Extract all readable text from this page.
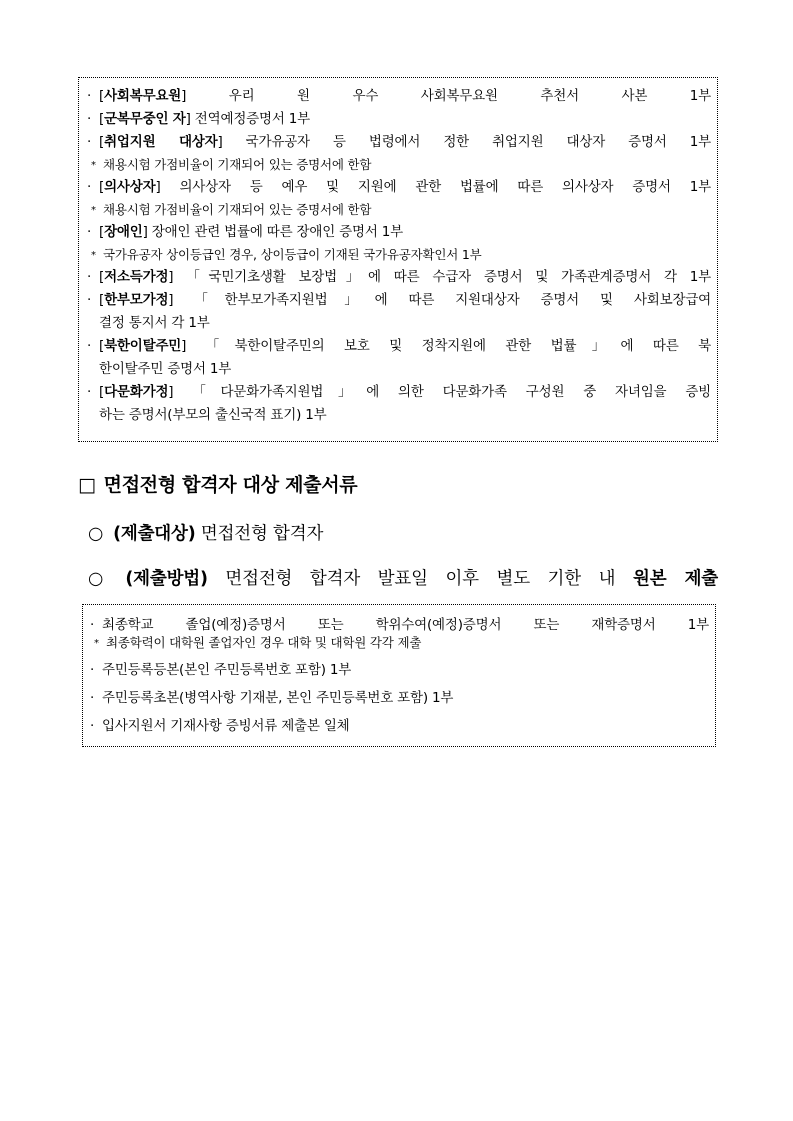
· [사회복무요원] 우리 원 우수 사회복무요원 추천서 사본 1부
· [군복무중인 자] 전역예정증명서 1부
· [취업지원 대상자] 국가유공자 등 법령에서 정한 취업지원 대상자 증명서 1부
* 채용시험 가점비율이 기재되어 있는 증명서에 한함
· [의사상자] 의사상자 등 예우 및 지원에 관한 법률에 따른 의사상자 증명서 1부
* 채용시험 가점비율이 기재되어 있는 증명서에 한함
· [장애인] 장애인 관련 법률에 따른 장애인 증명서 1부
* 국가유공자 상이등급인 경우, 상이등급이 기재된 국가유공자확인서 1부
· [저소득가정] 「국민기초생활 보장법」에 따른 수급자 증명서 및 가족관계증명서 각 1부
· [한부모가정] 「한부모가족지원법」에 따른 지원대상자 증명서 및 사회보장급여
결정 통지서 각 1부
· [북한이탈주민] 「북한이탈주민의 보호 및 정착지원에 관한 법률」에 따른 북
한이탈주민 증명서 1부
· [다문화가정] 「다문화가족지원법」에 의한 다문화가족 구성원 중 자녀임을 증빙
하는 증명서(부모의 출신국적 표기) 1부
□ 면접전형 합격자 대상 제출서류
○ (제출대상) 면접전형 합격자
○ (제출방법) 면접전형 합격자 발표일 이후 별도 기한 내 원본 제출
· 최종학교 졸업(예정)증명서 또는 학위수여(예정)증명서 또는 재학증명서 1부
* 최종학력이 대학원 졸업자인 경우 대학 및 대학원 각각 제출
· 주민등록등본(본인 주민등록번호 포함) 1부
· 주민등록초본(병역사항 기재분, 본인 주민등록번호 포함) 1부
· 입사지원서 기재사항 증빙서류 제출본 일체
